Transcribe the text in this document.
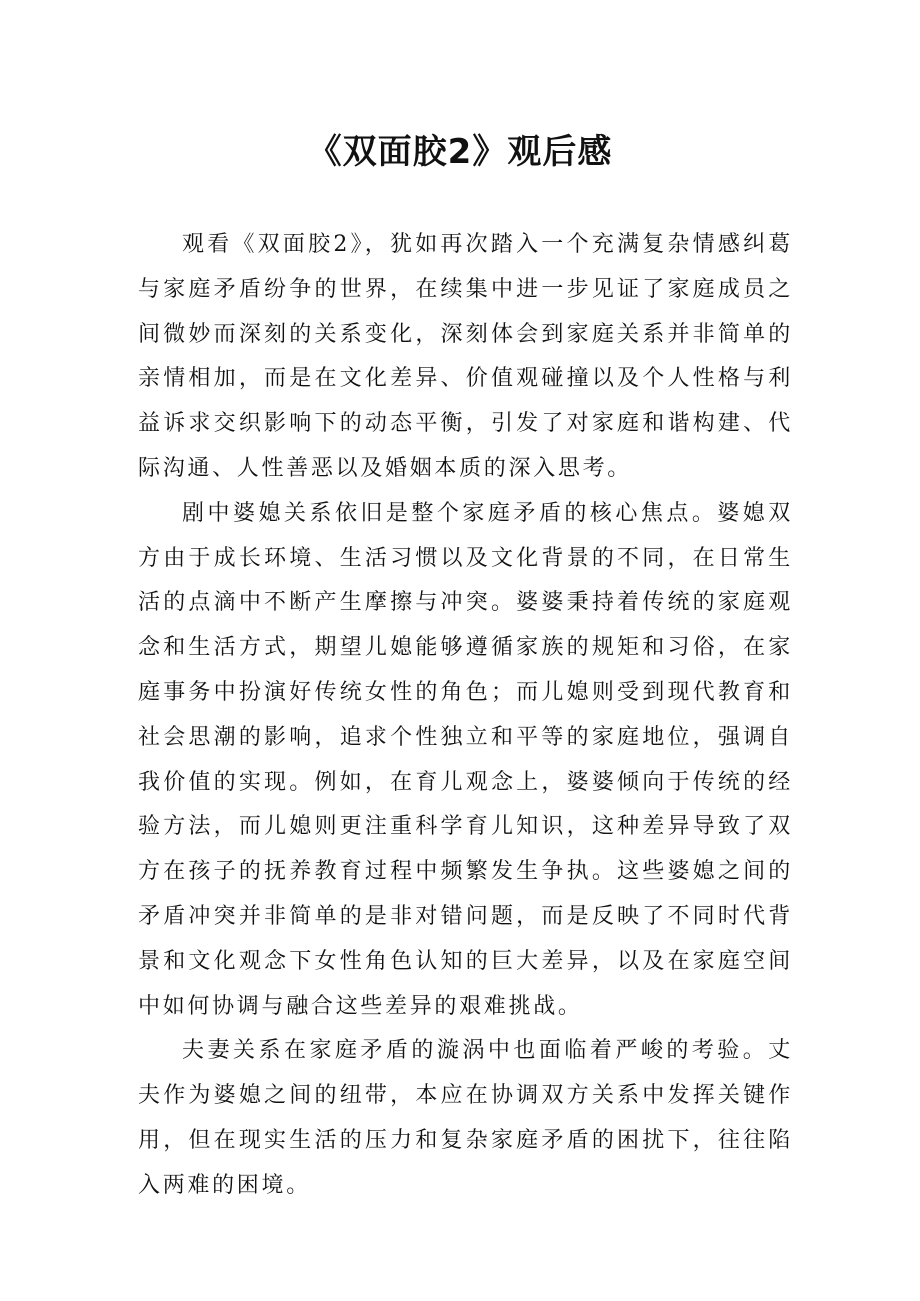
《双面胶2》观后感

观看《双面胶2》，犹如再次踏入一个充满复杂情感纠葛与家庭矛盾纷争的世界，在续集中进一步见证了家庭成员之间微妙而深刻的关系变化，深刻体会到家庭关系并非简单的亲情相加，而是在文化差异、价值观碰撞以及个人性格与利益诉求交织影响下的动态平衡，引发了对家庭和谐构建、代际沟通、人性善恶以及婚姻本质的深入思考。

剧中婆媳关系依旧是整个家庭矛盾的核心焦点。婆媳双方由于成长环境、生活习惯以及文化背景的不同，在日常生活的点滴中不断产生摩擦与冲突。婆婆秉持着传统的家庭观念和生活方式，期望儿媳能够遵循家族的规矩和习俗，在家庭事务中扮演好传统女性的角色；而儿媳则受到现代教育和社会思潮的影响，追求个性独立和平等的家庭地位，强调自我价值的实现。例如，在育儿观念上，婆婆倾向于传统的经验方法，而儿媳则更注重科学育儿知识，这种差异导致了双方在孩子的抚养教育过程中频繁发生争执。这些婆媳之间的矛盾冲突并非简单的是非对错问题，而是反映了不同时代背景和文化观念下女性角色认知的巨大差异，以及在家庭空间中如何协调与融合这些差异的艰难挑战。

夫妻关系在家庭矛盾的漩涡中也面临着严峻的考验。丈夫作为婆媳之间的纽带，本应在协调双方关系中发挥关键作用，但在现实生活的压力和复杂家庭矛盾的困扰下，往往陷入两难的困境。
